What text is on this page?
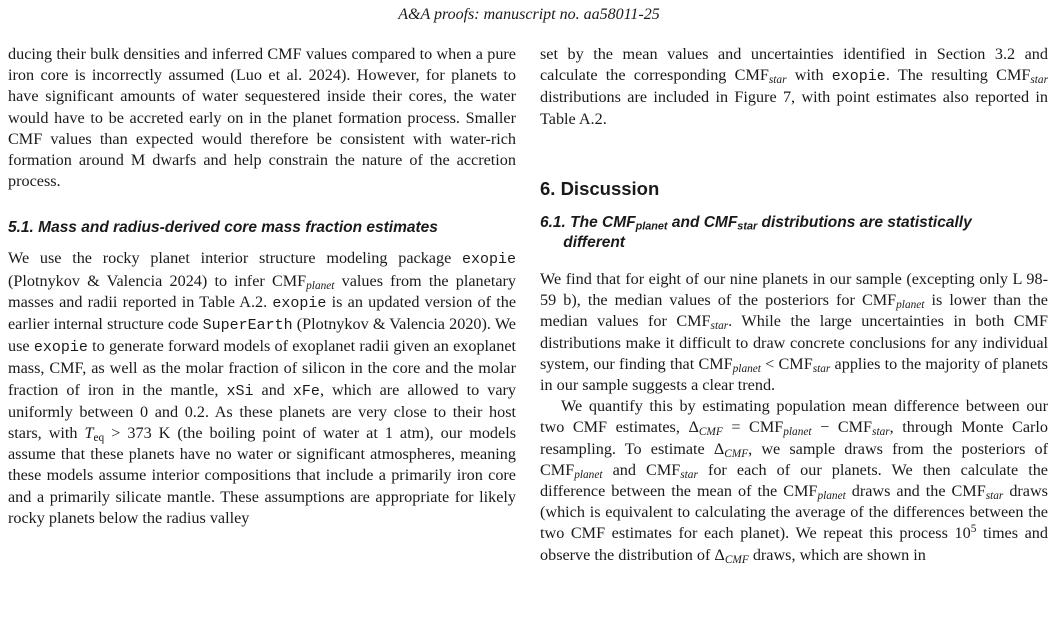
A&A proofs: manuscript no. aa58011-25

ducing their bulk densities and inferred CMF values compared to when a pure iron core is incorrectly assumed (Luo et al. 2024). However, for planets to have significant amounts of water sequestered inside their cores, the water would have to be accreted early on in the planet formation process. Smaller CMF values than expected would therefore be consistent with water-rich formation around M dwarfs and help constrain the nature of the accretion process.

5.1. Mass and radius-derived core mass fraction estimates

We use the rocky planet interior structure modeling package exopie (Plotnykov & Valencia 2024) to infer $CMF_{planet}$ values from the planetary masses and radii reported in Table A.2. exopie is an updated version of the earlier internal structure code SuperEarth (Plotnykov & Valencia 2020). We use exopie to generate forward models of exoplanet radii given an exoplanet mass, CMF, as well as the molar fraction of silicon in the core and the molar fraction of iron in the mantle, xSi and xFe, which are allowed to vary uniformly between 0 and 0.2. As these planets are very close to their host stars, with $T_{eq} > 373$ K (the boiling point of water at 1 atm), our models assume that these planets have no water or significant atmospheres, meaning these models assume interior compositions that include a primarily iron core and a primarily silicate mantle. These assumptions are appropriate for likely rocky planets below the radius valley

set by the mean values and uncertainties identified in Section 3.2 and calculate the corresponding $CMF_{star}$ with exopie. The resulting $CMF_{star}$ distributions are included in Figure 7, with point estimates also reported in Table A.2.

6. Discussion
6.1. The $CMF_{planet}$ and $CMF_{star}$ distributions are statistically
different

We find that for eight of our nine planets in our sample (excepting only L 98-59 b), the median values of the posteriors for $CMF_{planet}$ is lower than the median values for $CMF_{star}$. While the large uncertainties in both CMF distributions make it difficult to draw concrete conclusions for any individual system, our finding that $CMF_{planet} < CMF_{star}$ applies to the majority of planets in our sample suggests a clear trend.

We quantify this by estimating population mean difference between our two CMF estimates, $\Delta_{CMF} = CMF_{planet} - CMF_{star}$, through Monte Carlo resampling. To estimate $\Delta_{CMF}$, we sample draws from the posteriors of $CMF_{planet}$ and $CMF_{star}$ for each of our planets. We then calculate the difference between the mean of the $CMF_{planet}$ draws and the $CMF_{star}$ draws (which is equivalent to calculating the average of the differences between the two CMF estimates for each planet). We repeat this process $10^5$ times and observe the distribution of $\Delta_{CMF}$ draws, which are shown in
